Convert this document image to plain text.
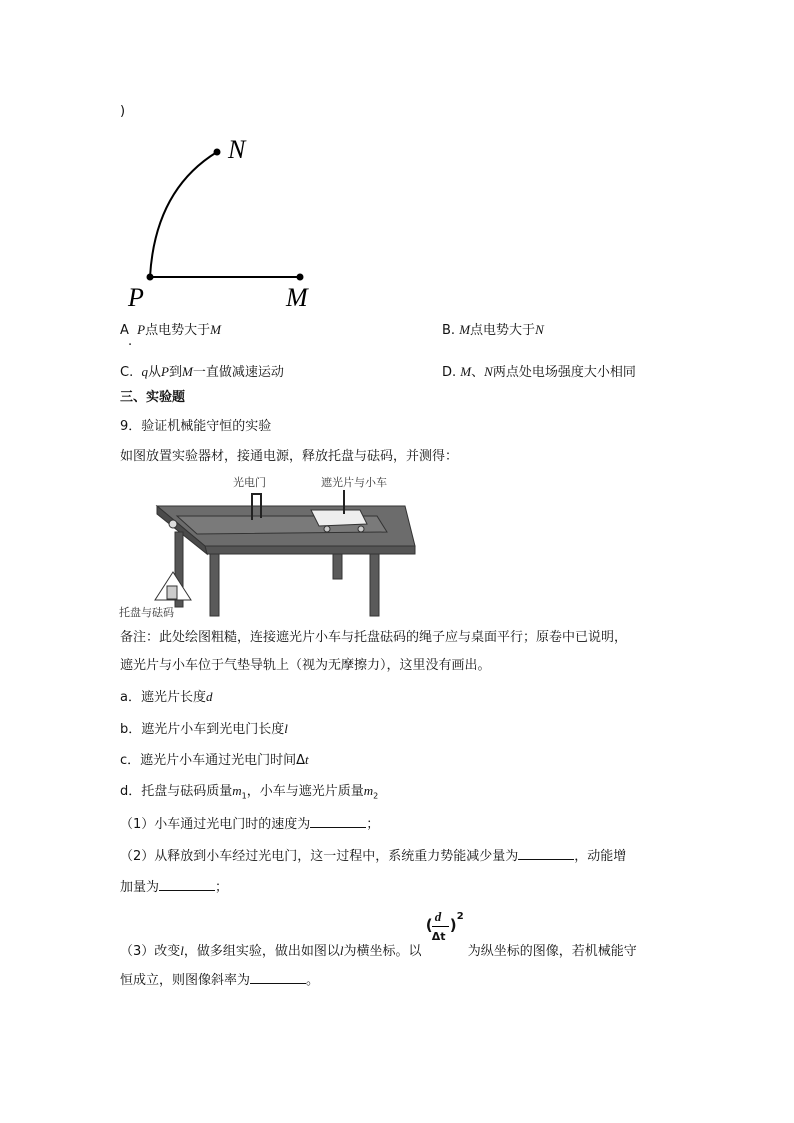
)
N
P	M
A P点电势大于M
·
B. M点电势大于N
C. q从P到M一直做减速运动	D. M、N两点处电场强度大小相同
三、实验题
9．验证机械能守恒的实验
如图放置实验器材，接通电源，释放托盘与砝码，并测得：
光电门	遮光片与小车
托盘与砝码
备注：此处绘图粗糙，连接遮光片小车与托盘砝码的绳子应与桌面平行；原卷中已说明，
遮光片与小车位于气垫导轨上（视为无摩擦力），这里没有画出。
a．遮光片长度d
b．遮光片小车到光电门长度l
c．遮光片小车通过光电门时间Δt
d．托盘与砝码质量$m_1$，小车与遮光片质量$m_2$
（1）小车通过光电门时的速度为	；
（2）从释放到小车经过光电门，这一过程中，系统重力势能减少量为	，动能增
加量为	；
（3）改变l，做多组实验，做出如图以l为横坐标。以
( d
Δt
) 2
为纵坐标的图像，若机械能守
恒成立，则图像斜率为	。
